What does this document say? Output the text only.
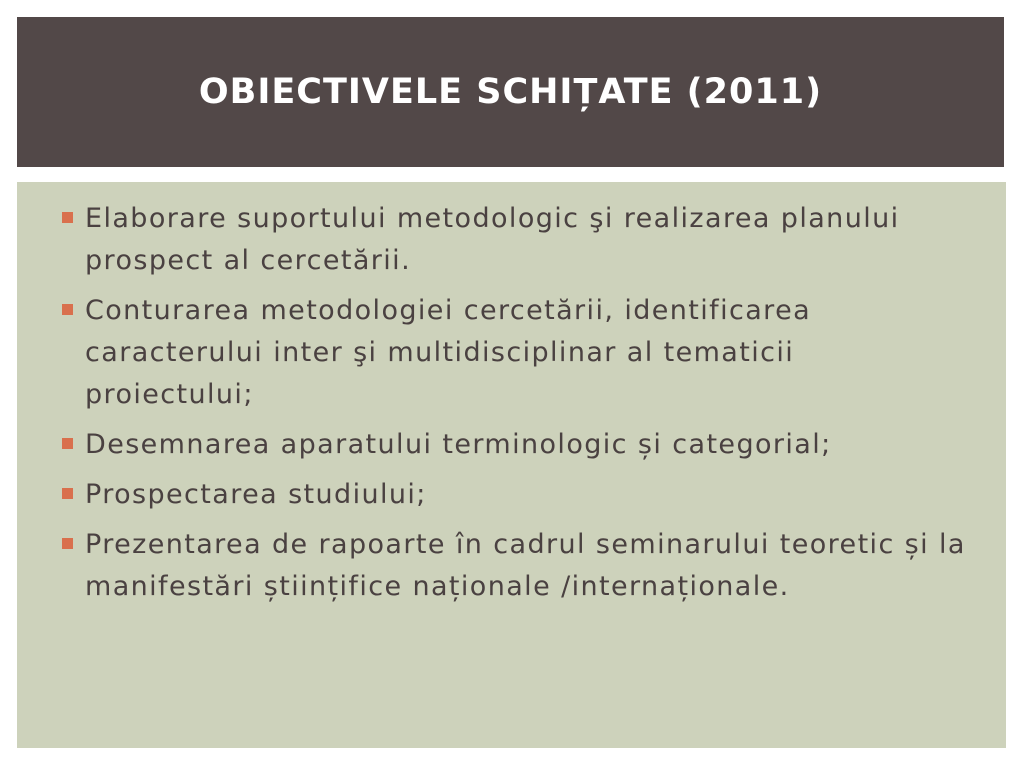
OBIECTIVELE SCHIȚATE (2011)
Elaborare suportului metodologic şi realizarea planului prospect al cercetării.
Conturarea metodologiei cercetării, identificarea caracterului inter şi multidisciplinar al tematicii proiectului;
Desemnarea aparatului terminologic și categorial;
Prospectarea studiului;
Prezentarea de rapoarte în cadrul seminarului teoretic și la manifestări științifice naționale /internaționale.
